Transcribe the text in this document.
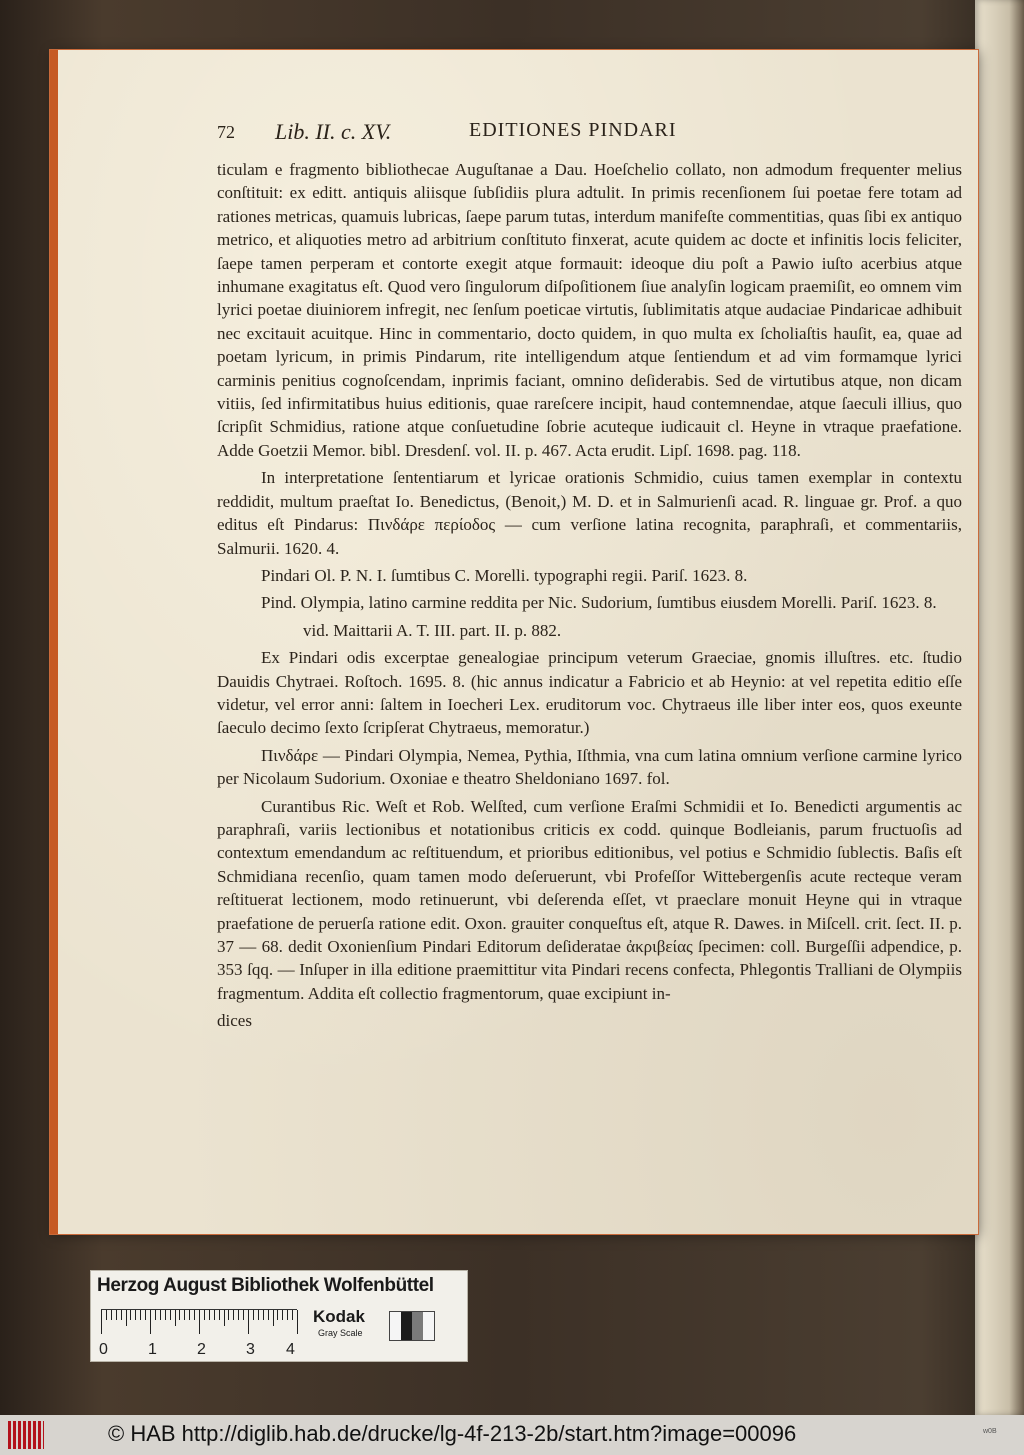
72 Lib. II. c. XV.	EDITIONES PINDARI

ticulam e fragmento bibliothecae Auguſtanae a Dau. Hoeſchelio collato, non admodum frequenter melius conſtituit: ex editt. antiquis aliisque ſubſidiis plura adtulit. In primis recenſionem ſui poetae fere totam ad rationes metricas, quamuis lubricas, ſaepe parum tutas, interdum manifeſte commentitias, quas ſibi ex antiquo metrico, et aliquoties metro ad arbitrium conſtituto finxerat, acute quidem ac docte et infinitis locis feliciter, ſaepe tamen perperam et contorte exegit atque formauit: ideoque diu poſt a Pawio iuſto acerbius atque inhumane exagitatus eſt. Quod vero ſingulorum diſpoſitionem ſiue analyſin logicam praemiſit, eo omnem vim lyrici poetae diuiniorem infregit, nec ſenſum poeticae virtutis, ſublimitatis atque audaciae Pindaricae adhibuit nec excitauit acuitque. Hinc in commentario, docto quidem, in quo multa ex ſcholiaſtis hauſit, ea, quae ad poetam lyricum, in primis Pindarum, rite intelligendum atque ſentiendum et ad vim formamque lyrici carminis penitius cognoſcendam, inprimis faciant, omnino deſiderabis. Sed de virtutibus atque, non dicam vitiis, ſed infirmitatibus huius editionis, quae rareſcere incipit, haud contemnendae, atque ſaeculi illius, quo ſcripſit Schmidius, ratione atque conſuetudine ſobrie acuteque iudicauit cl. Heyne in vtraque praefatione. Adde Goetzii Memor. bibl. Dresdenſ. vol. II. p. 467. Acta erudit. Lipſ. 1698. pag. 118.

In interpretatione ſententiarum et lyricae orationis Schmidio, cuius tamen exemplar in contextu reddidit, multum praeſtat Io. Benedictus, (Benoit,) M. D. et in Salmurienſi acad. R. linguae gr. Prof. a quo editus eſt Pindarus: Πινδάρε περίοδος — cum verſione latina recognita, paraphraſi, et commentariis, Salmurii. 1620. 4.

Pindari Ol. P. N. I. ſumtibus C. Morelli. typographi regii. Pariſ. 1623. 8.

Pind. Olympia, latino carmine reddita per Nic. Sudorium, ſumtibus eiusdem Morelli. Pariſ. 1623. 8.

vid. Maittarii A. T. III. part. II. p. 882.

Ex Pindari odis excerptae genealogiae principum veterum Graeciae, gnomis illuſtres. etc. ſtudio Dauidis Chytraei. Roſtoch. 1695. 8. (hic annus indicatur a Fabricio et ab Heynio: at vel repetita editio eſſe videtur, vel error anni: ſaltem in Ioecheri Lex. eruditorum voc. Chytraeus ille liber inter eos, quos exeunte ſaeculo decimo ſexto ſcripſerat Chytraeus, memoratur.)

Πινδάρε — Pindari Olympia, Nemea, Pythia, Iſthmia, vna cum latina omnium verſione carmine lyrico per Nicolaum Sudorium. Oxoniae e theatro Sheldoniano 1697. fol.

Curantibus Ric. Weſt et Rob. Welſted, cum verſione Eraſmi Schmidii et Io. Benedicti argumentis ac paraphraſi, variis lectionibus et notationibus criticis ex codd. quinque Bodleianis, parum fructuoſis ad contextum emendandum ac reſtituendum, et prioribus editionibus, vel potius e Schmidio ſublectis. Baſis eſt Schmidiana recenſio, quam tamen modo deſeruerunt, vbi Profeſſor Wittebergenſis acute recteque veram reſtituerat lectionem, modo retinuerunt, vbi deſerenda eſſet, vt praeclare monuit Heyne qui in vtraque praefatione de peruerſa ratione edit. Oxon. grauiter conqueſtus eſt, atque R. Dawes. in Miſcell. crit. ſect. II. p. 37 — 68. dedit Oxonienſium Pindari Editorum deſideratae ἀκριβείας ſpecimen: coll. Burgeſſii adpendice, p. 353 ſqq. — Inſuper in illa editione praemittitur vita Pindari recens confecta, Phlegontis Tralliani de Olympiis fragmentum. Addita eſt collectio fragmentorum, quae excipiunt in-

dices

Herzog August Bibliothek Wolfenbüttel
0	1	2	3 4
Kodak
Gray Scale
© HAB http://diglib.hab.de/drucke/lg-4f-213-2b/start.htm?image=00096	w0B
